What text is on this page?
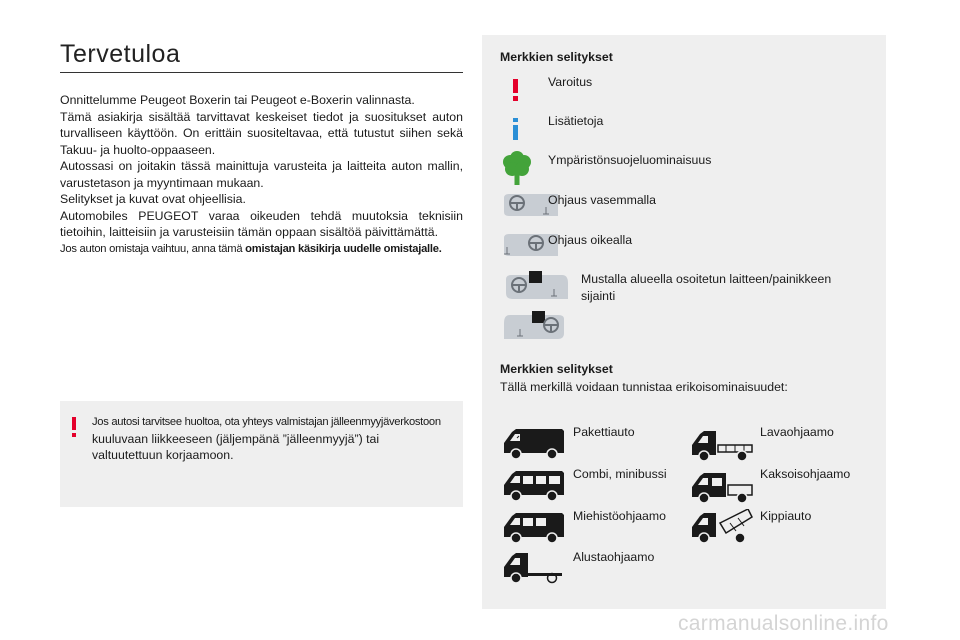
Tervetuloa

Onnittelumme Peugeot Boxerin tai Peugeot e-Boxerin valinnasta.

Tämä asiakirja sisältää tarvittavat keskeiset tiedot ja suositukset auton turvalliseen käyttöön. On erittäin suositeltavaa, että tutustut siihen sekä Takuu- ja huolto-oppaaseen.

Autossasi on joitakin tässä mainittuja varusteita ja laitteita auton mallin, varustetason ja myyntimaan mukaan.

Selitykset ja kuvat ovat ohjeellisia.

Automobiles PEUGEOT varaa oikeuden tehdä muutoksia teknisiin tietoihin, laitteisiin ja varusteisiin tämän oppaan sisältöä päivittämättä.

Jos auton omistaja vaihtuu, anna tämä omistajan käsikirja uudelle omistajalle.

Jos autosi tarvitsee huoltoa, ota yhteys valmistajan jälleenmyyjäverkostoon kuuluvaan liikkeeseen (jäljempänä ”jälleenmyyjä”) tai valtuutettuun korjaamoon.
Merkkien selitykset
Varoitus
Lisätietoja
Ympäristönsuojeluominaisuus
Ohjaus vasemmalla
Ohjaus oikealla
Mustalla alueella osoitetun laitteen/painikkeen sijainti
Merkkien selitykset
Tällä merkillä voidaan tunnistaa erikoisominaisuudet:
Pakettiauto
Combi, minibussi
Miehistöohjaamo
Alustaohjaamo
Lavaohjaamo
Kaksoisohjaamo
Kippiauto
carmanualsonline.info
